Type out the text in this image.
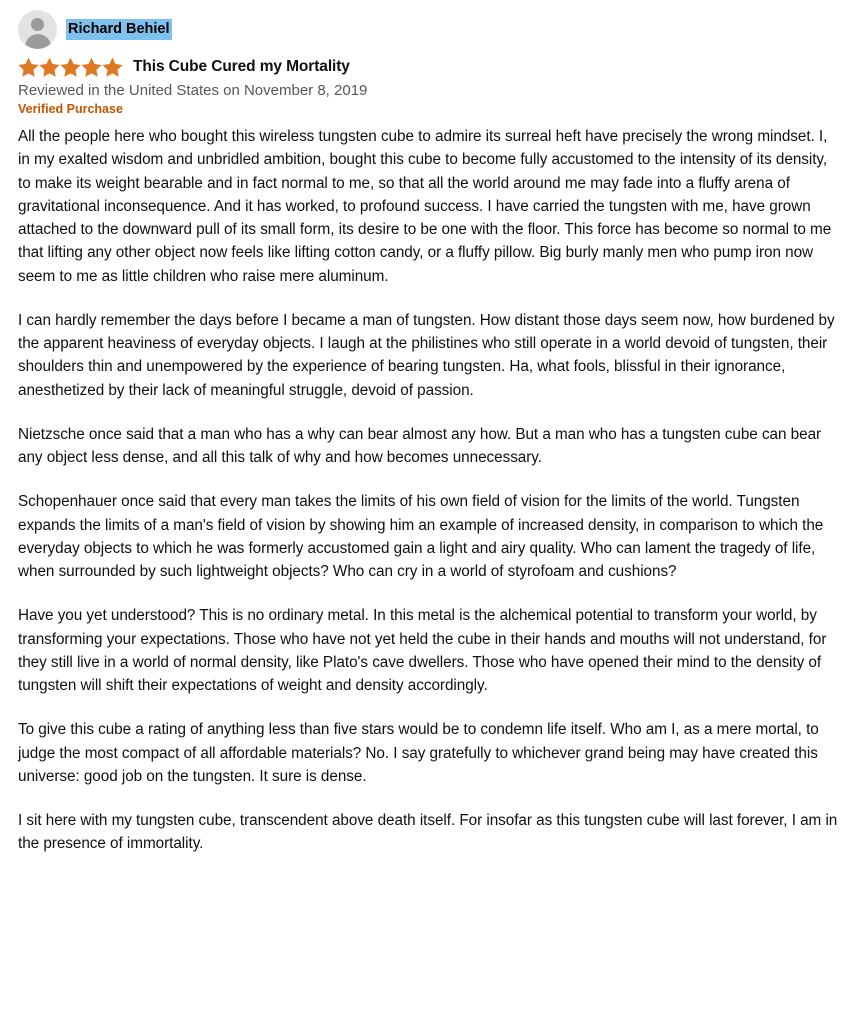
Richard Behiel
This Cube Cured my Mortality
Reviewed in the United States on November 8, 2019
Verified Purchase

All the people here who bought this wireless tungsten cube to admire its surreal heft have precisely the wrong mindset. I, in my exalted wisdom and unbridled ambition, bought this cube to become fully accustomed to the intensity of its density, to make its weight bearable and in fact normal to me, so that all the world around me may fade into a fluffy arena of gravitational inconsequence. And it has worked, to profound success. I have carried the tungsten with me, have grown attached to the downward pull of its small form, its desire to be one with the floor. This force has become so normal to me that lifting any other object now feels like lifting cotton candy, or a fluffy pillow. Big burly manly men who pump iron now seem to me as little children who raise mere aluminum.

I can hardly remember the days before I became a man of tungsten. How distant those days seem now, how burdened by the apparent heaviness of everyday objects. I laugh at the philistines who still operate in a world devoid of tungsten, their shoulders thin and unempowered by the experience of bearing tungsten. Ha, what fools, blissful in their ignorance, anesthetized by their lack of meaningful struggle, devoid of passion.

Nietzsche once said that a man who has a why can bear almost any how. But a man who has a tungsten cube can bear any object less dense, and all this talk of why and how becomes unnecessary.

Schopenhauer once said that every man takes the limits of his own field of vision for the limits of the world. Tungsten expands the limits of a man's field of vision by showing him an example of increased density, in comparison to which the everyday objects to which he was formerly accustomed gain a light and airy quality. Who can lament the tragedy of life, when surrounded by such lightweight objects? Who can cry in a world of styrofoam and cushions?

Have you yet understood? This is no ordinary metal. In this metal is the alchemical potential to transform your world, by transforming your expectations. Those who have not yet held the cube in their hands and mouths will not understand, for they still live in a world of normal density, like Plato's cave dwellers. Those who have opened their mind to the density of tungsten will shift their expectations of weight and density accordingly.

To give this cube a rating of anything less than five stars would be to condemn life itself. Who am I, as a mere mortal, to judge the most compact of all affordable materials? No. I say gratefully to whichever grand being may have created this universe: good job on the tungsten. It sure is dense.

I sit here with my tungsten cube, transcendent above death itself. For insofar as this tungsten cube will last forever, I am in the presence of immortality.
